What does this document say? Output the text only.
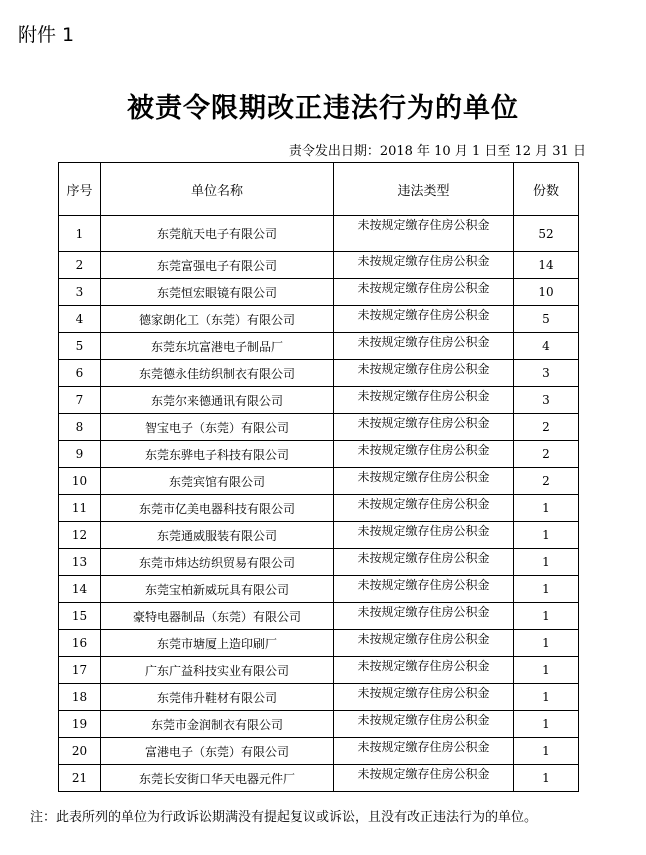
附件 1
被责令限期改正违法行为的单位
责令发出日期：2018 年 10 月 1 日至 12 月 31 日
序号	单位名称	违法类型	份数
1	东莞航天电子有限公司	未按规定缴存住房公积金	52
2	东莞富强电子有限公司	未按规定缴存住房公积金	14
3	东莞恒宏眼镜有限公司	未按规定缴存住房公积金	10
4	德家朗化工（东莞）有限公司	未按规定缴存住房公积金	5
5	东莞东坑富港电子制品厂	未按规定缴存住房公积金	4
6	东莞德永佳纺织制衣有限公司	未按规定缴存住房公积金	3
7	东莞尔来德通讯有限公司	未按规定缴存住房公积金	3
8	智宝电子（东莞）有限公司	未按规定缴存住房公积金	2
9	东莞东骅电子科技有限公司	未按规定缴存住房公积金	2
10	东莞宾馆有限公司	未按规定缴存住房公积金	2
11	东莞市亿美电器科技有限公司	未按规定缴存住房公积金	1
12	东莞通威服装有限公司	未按规定缴存住房公积金	1
13	东莞市炜达纺织贸易有限公司	未按规定缴存住房公积金	1
14	东莞宝柏新威玩具有限公司	未按规定缴存住房公积金	1
15	豪特电器制品（东莞）有限公司	未按规定缴存住房公积金	1
16	东莞市塘厦上造印刷厂	未按规定缴存住房公积金	1
17	广东广益科技实业有限公司	未按规定缴存住房公积金	1
18	东莞伟升鞋材有限公司	未按规定缴存住房公积金	1
19	东莞市金润制衣有限公司	未按规定缴存住房公积金	1
20	富港电子（东莞）有限公司	未按规定缴存住房公积金	1
21	东莞长安街口华天电器元件厂	未按规定缴存住房公积金	1
注：此表所列的单位为行政诉讼期满没有提起复议或诉讼，且没有改正违法行为的单位。
